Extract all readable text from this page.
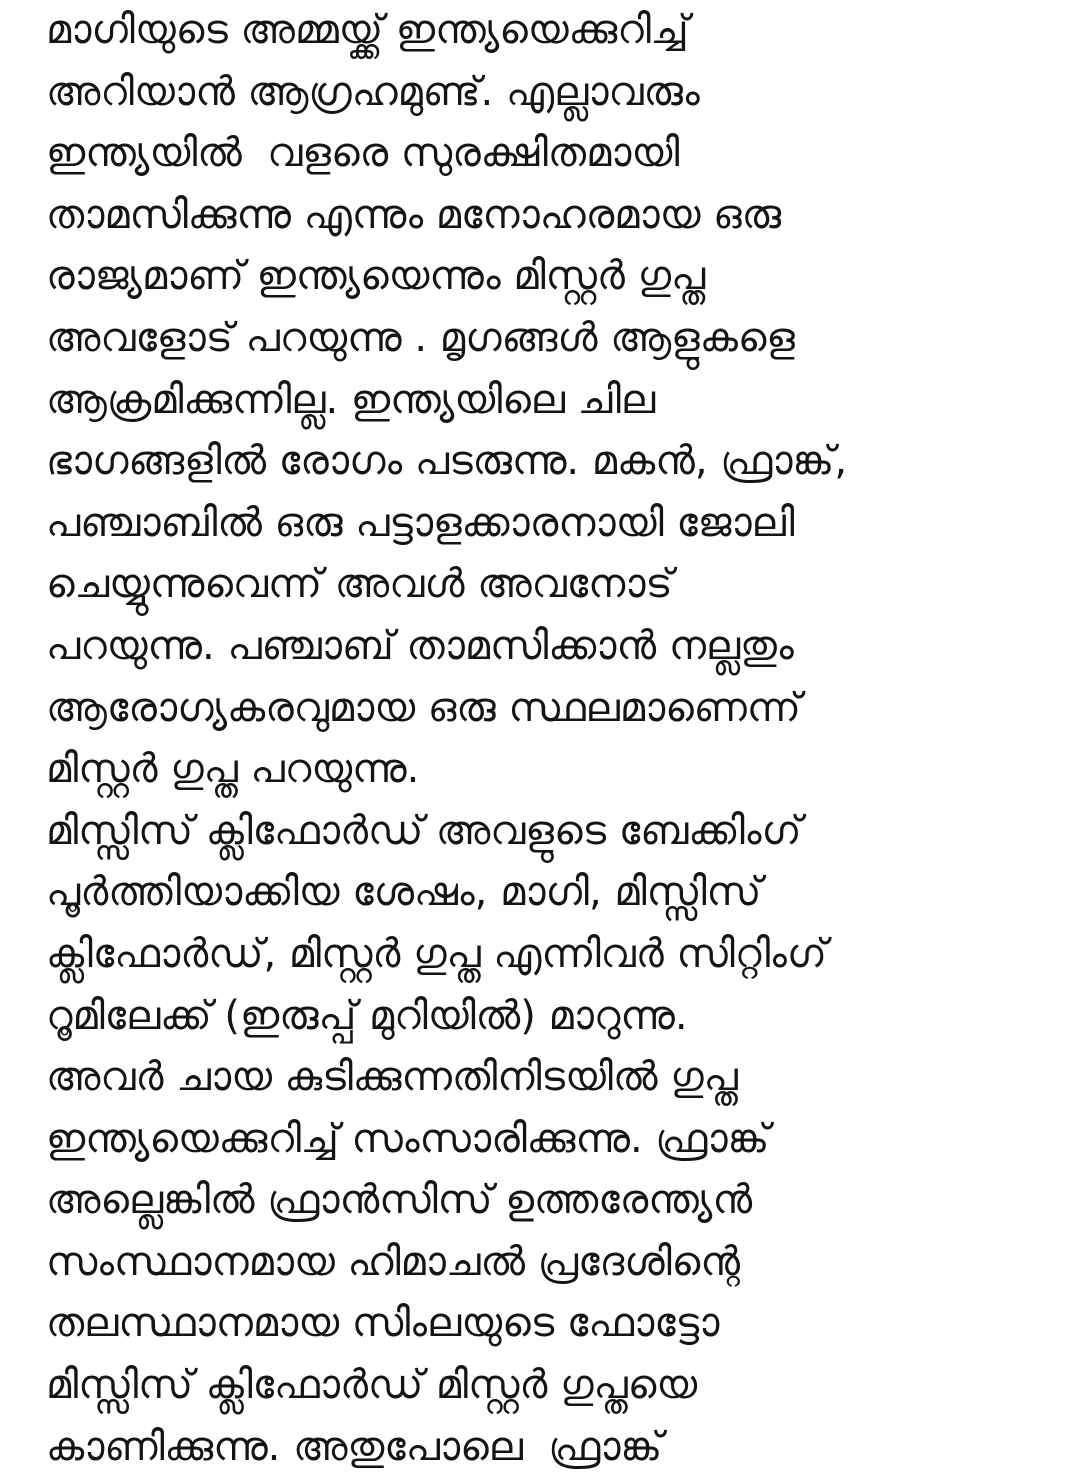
മാഗിയുടെ അമ്മയ്ക്ക് ഇന്ത്യയെക്കുറിച്ച്
അറിയാൻ ആഗ്രഹമുണ്ട്. എല്ലാവരും
ഇന്ത്യയിൽ  വളരെ സുരക്ഷിതമായി
താമസിക്കുന്നു എന്നും മനോഹരമായ ഒരു
രാജ്യമാണ് ഇന്ത്യയെന്നും മിസ്റ്റർ ഗുപ്ത
അവളോട് പറയുന്നു . മൃഗങ്ങൾ ആളുകളെ
ആക്രമിക്കുന്നില്ല. ഇന്ത്യയിലെ ചില
ഭാഗങ്ങളിൽ രോഗം പടരുന്നു. മകൻ, ഫ്രാങ്ക്,
പഞ്ചാബിൽ ഒരു പട്ടാളക്കാരനായി ജോലി
ചെയ്യുന്നുവെന്ന് അവൾ അവനോട്
പറയുന്നു. പഞ്ചാബ് താമസിക്കാൻ നല്ലതും
ആരോഗ്യകരവുമായ ഒരു സ്ഥലമാണെന്ന്
മിസ്റ്റർ ഗുപ്ത പറയുന്നു.
മിസ്സിസ് ക്ലിഫോർഡ് അവളുടെ ബേക്കിംഗ്
പൂർത്തിയാക്കിയ ശേഷം, മാഗി, മിസ്സിസ്
ക്ലിഫോർഡ്, മിസ്റ്റർ ഗുപ്ത എന്നിവർ സിറ്റിംഗ്
റൂമിലേക്ക് (ഇരുപ്പ് മുറിയിൽ) മാറുന്നു.
അവർ ചായ കുടിക്കുന്നതിനിടയിൽ ഗുപ്ത
ഇന്ത്യയെക്കുറിച്ച് സംസാരിക്കുന്നു. ഫ്രാങ്ക്
അല്ലെങ്കിൽ ഫ്രാൻസിസ് ഉത്തരേന്ത്യൻ
സംസ്ഥാനമായ ഹിമാചൽ പ്രദേശിന്റെ
തലസ്ഥാനമായ സിംലയുടെ ഫോട്ടോ
മിസ്സിസ് ക്ലിഫോർഡ് മിസ്റ്റർ ഗുപ്തയെ
കാണിക്കുന്നു. അതുപോലെ  ഫ്രാങ്ക്
